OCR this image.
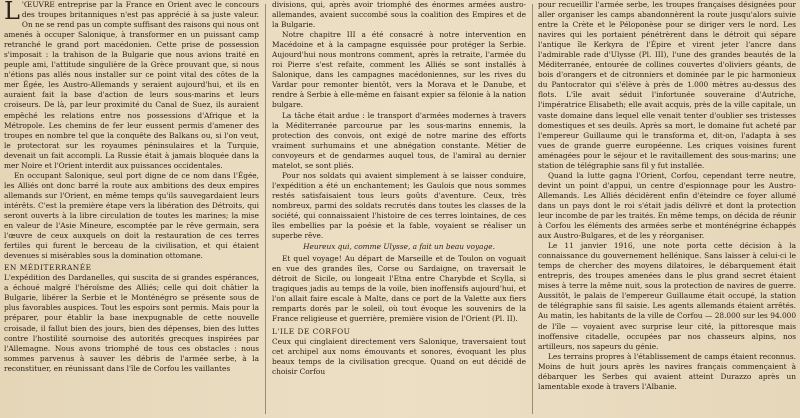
L 'ŒUVRE entreprise par la France en Orient avec le concours des troupes britanniques n'est pas apprécié à sa juste valeur. On ne se rend pas un compte suffisant des raisons qui nous ont amenés à occuper Salonique, à transformer en un puissant camp retranché le grand port macédonien. Cette prise de possession s'imposait : la trahison de la Bulgarie que nous avions traité en peuple ami, l'attitude singulière de la Grèce prouvant que, si nous n'étions pas allés nous installer sur ce point vital des côtes de la mer Égée, les Austro-Allemands y seraient aujourd'hui, et ils en auraient fait la base d'action de leurs sous-marins et leurs croiseurs. De là, par leur proximité du Canal de Suez, ils auraient empêché les relations entre nos possessions d'Afrique et la Métropole. Les chemins de fer leur eussent permis d'amener des troupes en nombre tel que la conquête des Balkans ou, si l'on veut, le protectorat sur les royaumes péninsulaires et la Turquie, devenait un fait accompli. La Russie était à jamais bloquée dans la mer Noire et l'Orient interdit aux puissances occidentales.

En occupant Salonique, seul port digne de ce nom dans l'Égée, les Alliés ont donc barré la route aux ambitions des deux empires allemands sur l'Orient, en même temps qu'ils sauvegardaient leurs intérêts. C'est la première étape vers la libération des Détroits, qui seront ouverts à la libre circulation de toutes les marines; la mise en valeur de l'Asie Mineure, escomptée par le rêve germain, sera l'œuvre de ceux auxquels on doit la restauration de ces terres fertiles qui furent le berceau de la civilisation, et qui étaient devenues si misérables sous la domination ottomane.

EN MÉDITERRANÉE

L'expédition des Dardanelles, qui suscita de si grandes espérances, a échoué malgré l'héroïsme des Alliés; celle qui doit châtier la Bulgarie, libérer la Serbie et le Monténégro se présente sous de plus favorables auspices. Tout les espoirs sont permis. Mais pour la préparer, pour établir la base inexpugnable de cette nouvelle croisade, il fallut bien des jours, bien des dépenses, bien des luttes contre l'hostilité sournoise des autorités grecques inspirées par l'Allemagne. Nous avons triomphé de tous ces obstacles : nous sommes parvenus à sauver les débris de l'armée serbe, à la reconstituer, en réunissant dans l'île de Corfou les vaillantes

divisions, qui, après avoir triomphé des énormes armées austro-allemandes, avaient succombé sous la coalition des Empires et de la Bulgarie.

Notre chapitre III a été consacré à notre intervention en Macédoine et à la campagne esquissée pour protéger la Serbie. Aujourd'hui nous montrons comment, après la retraite, l'armée du roi Pierre s'est refaite, comment les Alliés se sont installés à Salonique, dans les campagnes macédoniennes, sur les rives du Vardar pour remonter bientôt, vers la Morava et le Danube, et rendre à Serbie à elle-même en faisant expier sa félonie à la nation bulgare.

La tâche était ardue : le transport d'armées modernes à travers la Méditerranée parcourue par les sous-marins ennemis, la protection des convois, ont exigé de notre marine des efforts vraiment surhumains et une abnégation constante. Métier de convoyeurs et de gendarmes auquel tous, de l'amiral au dernier matelot, se sont pliés.

Pour nos soldats qui avaient simplement à se laisser conduire, l'expédition a été un enchantement; les Gaulois que nous sommes restés satisfaisaient tous leurs goûts d'aventure. Ceux, très nombreux, parmi des soldats recrutés dans toutes les classes de la société, qui connaissaient l'histoire de ces terres lointaines, de ces îles embellies par la poésie et la fable, voyaient se réaliser un superbe rêve.

Heureux qui, comme Ulysse, a fait un beau voyage.

Et quel voyage! Au départ de Marseille et de Toulon on voguait en vue des grandes îles, Corse ou Sardaigne, on traversait le détroit de Sicile, ou longeait l'Etna entre Charybde et Scylla, si tragiques jadis au temps de la voile, bien inoffensifs aujourd'hui, et l'on allait faire escale à Malte, dans ce port de la Valette aux fiers remparts dorés par le soleil, où tout évoque les souvenirs de la France religieuse et guerrière, première vision de l'Orient (Pl. II).

L'ILE DE CORFOU

Ceux qui cinglaient directement vers Salonique, traversaient tout cet archipel aux noms émouvants et sonores, évoquant les plus beaux temps de la civilisation grecque. Quand on eut décidé de choisir Corfou

pour recueillir l'armée serbe, les troupes françaises désignées pour aller organiser les camps abandonnèrent la route jusqu'alors suivie entre la Crète et le Péloponèse pour se diriger vers le nord. Les navires qui les portaient pénétrèrent dans le détroit qui sépare l'antique île Kerkyra de l'Épire et virent jeter l'ancre dans l'admirable rade d'Ulysse (Pl. III), l'une des grandes beautés de la Méditerranée, entourée de collines couvertes d'oliviers géants, de bois d'orangers et de citronniers et dominée par le pic harmonieux du Pantocrator qui s'élève à près de 1.000 mètres au-dessus des flots. L'île avait séduit l'infortunée souveraine d'Autriche, l'impératrice Elisabeth; elle avait acquis, près de la ville capitale, un vaste domaine dans lequel elle venait tenter d'oublier ses tristesses domestiques et ses deuils. Après sa mort, le domaine fut acheté par l'empereur Guillaume qui le transforma et, dit-on, l'adapta à ses vues de grande guerre européenne. Les criques voisines furent aménagées pour le séjour et le ravitaillement des sous-marins; une station de télégraphie sans fil y fut installée.

Quand la lutte gagna l'Orient, Corfou, cependant terre neutre, devint un point d'appui, un centre d'espionnage pour les Austro-Allemands. Les Alliés décidèrent enfin d'éteindre ce foyer allumé dans un pays dont le roi s'était jadis délivré et dont la protection leur incombe de par les traités. En même temps, on décida de réunir à Corfou les éléments des armées serbe et monténégrine échappés aux Austro-Bulgares, et de les y réorganiser.

Le 11 janvier 1916, une note porta cette décision à la connaissance du gouvernement hellénique. Sans laisser à celui-ci le temps de chercher des moyens dilatoires, le débarquement était entrepris, des troupes amenées dans le plus grand secret étaient mises à terre la même nuit, sous la protection de navires de guerre. Aussitôt, le palais de l'empereur Guillaume était occupé, la station de télégraphie sans fil saisie. Les agents allemands étaient arrêtés. Au matin, les habitants de la ville de Corfou — 28.000 sur les 94.000 de l'île — voyaient avec surprise leur cité, la pittoresque mais inoffensive citadelle, occupées par nos chasseurs alpins, nos artilleurs, nos sapeurs du génie.

Les terrains propres à l'établissement de camps étaient reconnus. Moins de huit jours après les navires français commençaient à débarquer les Serbes qui avaient atteint Durazzo après un lamentable exode à travers l'Albanie.
